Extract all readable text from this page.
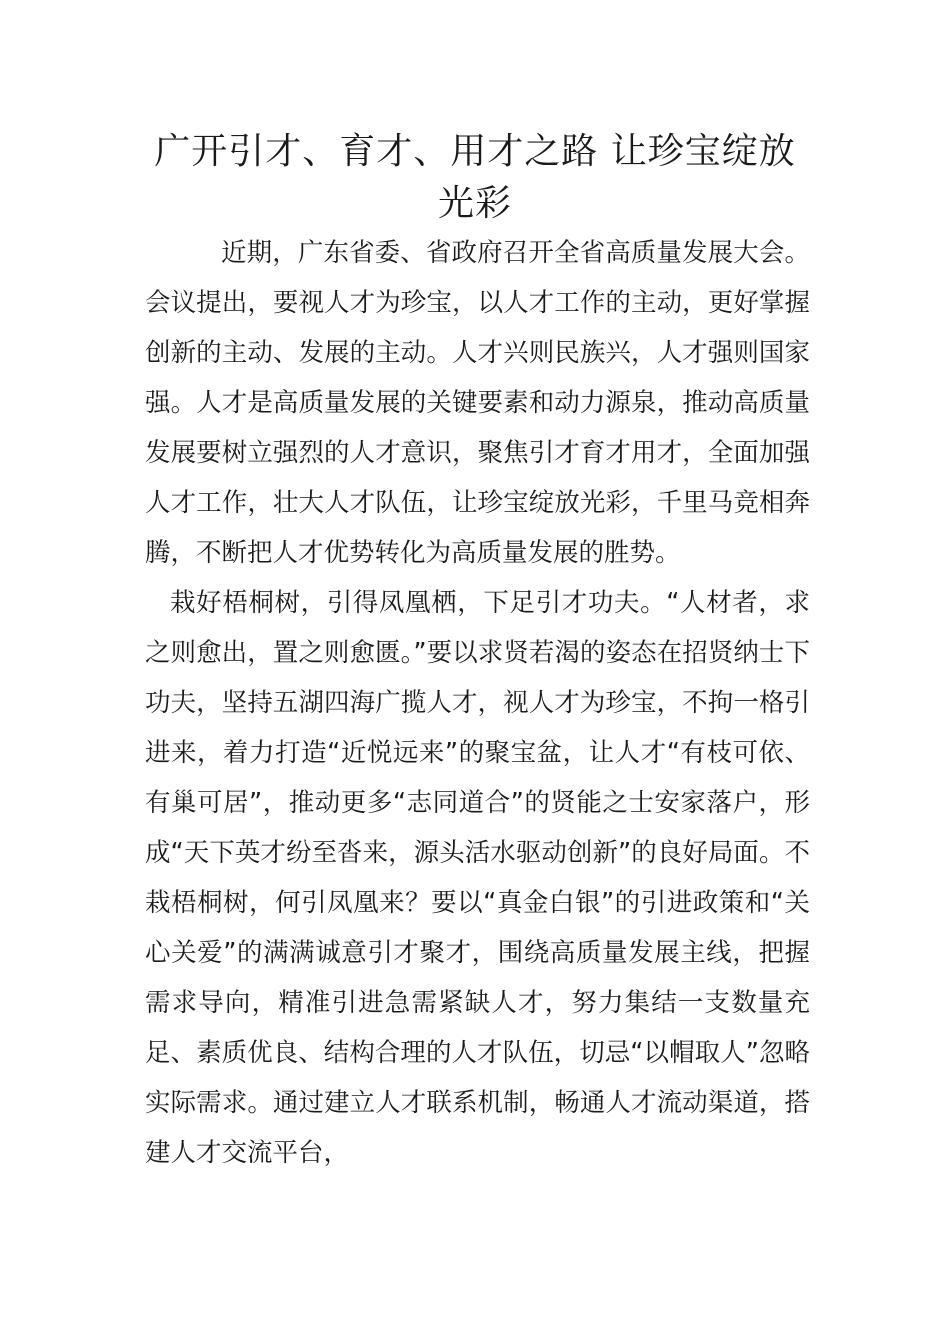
广开引才、育才、用才之路 让珍宝绽放光彩

近期，广东省委、省政府召开全省高质量发展大会。会议提出，要视人才为珍宝，以人才工作的主动，更好掌握创新的主动、发展的主动。人才兴则民族兴，人才强则国家强。人才是高质量发展的关键要素和动力源泉，推动高质量发展要树立强烈的人才意识，聚焦引才育才用才，全面加强人才工作，壮大人才队伍，让珍宝绽放光彩，千里马竞相奔腾，不断把人才优势转化为高质量发展的胜势。

栽好梧桐树，引得凤凰栖，下足引才功夫。“人材者，求之则愈出，置之则愈匮。”要以求贤若渴的姿态在招贤纳士下功夫，坚持五湖四海广揽人才，视人才为珍宝，不拘一格引进来，着力打造“近悦远来”的聚宝盆，让人才“有枝可依、有巢可居”，推动更多“志同道合”的贤能之士安家落户，形成“天下英才纷至沓来，源头活水驱动创新”的良好局面。不栽梧桐树，何引凤凰来？要以“真金白银”的引进政策和“关心关爱”的满满诚意引才聚才，围绕高质量发展主线，把握需求导向，精准引进急需紧缺人才，努力集结一支数量充足、素质优良、结构合理的人才队伍，切忌“以帽取人”忽略实际需求。通过建立人才联系机制，畅通人才流动渠道，搭建人才交流平台，
